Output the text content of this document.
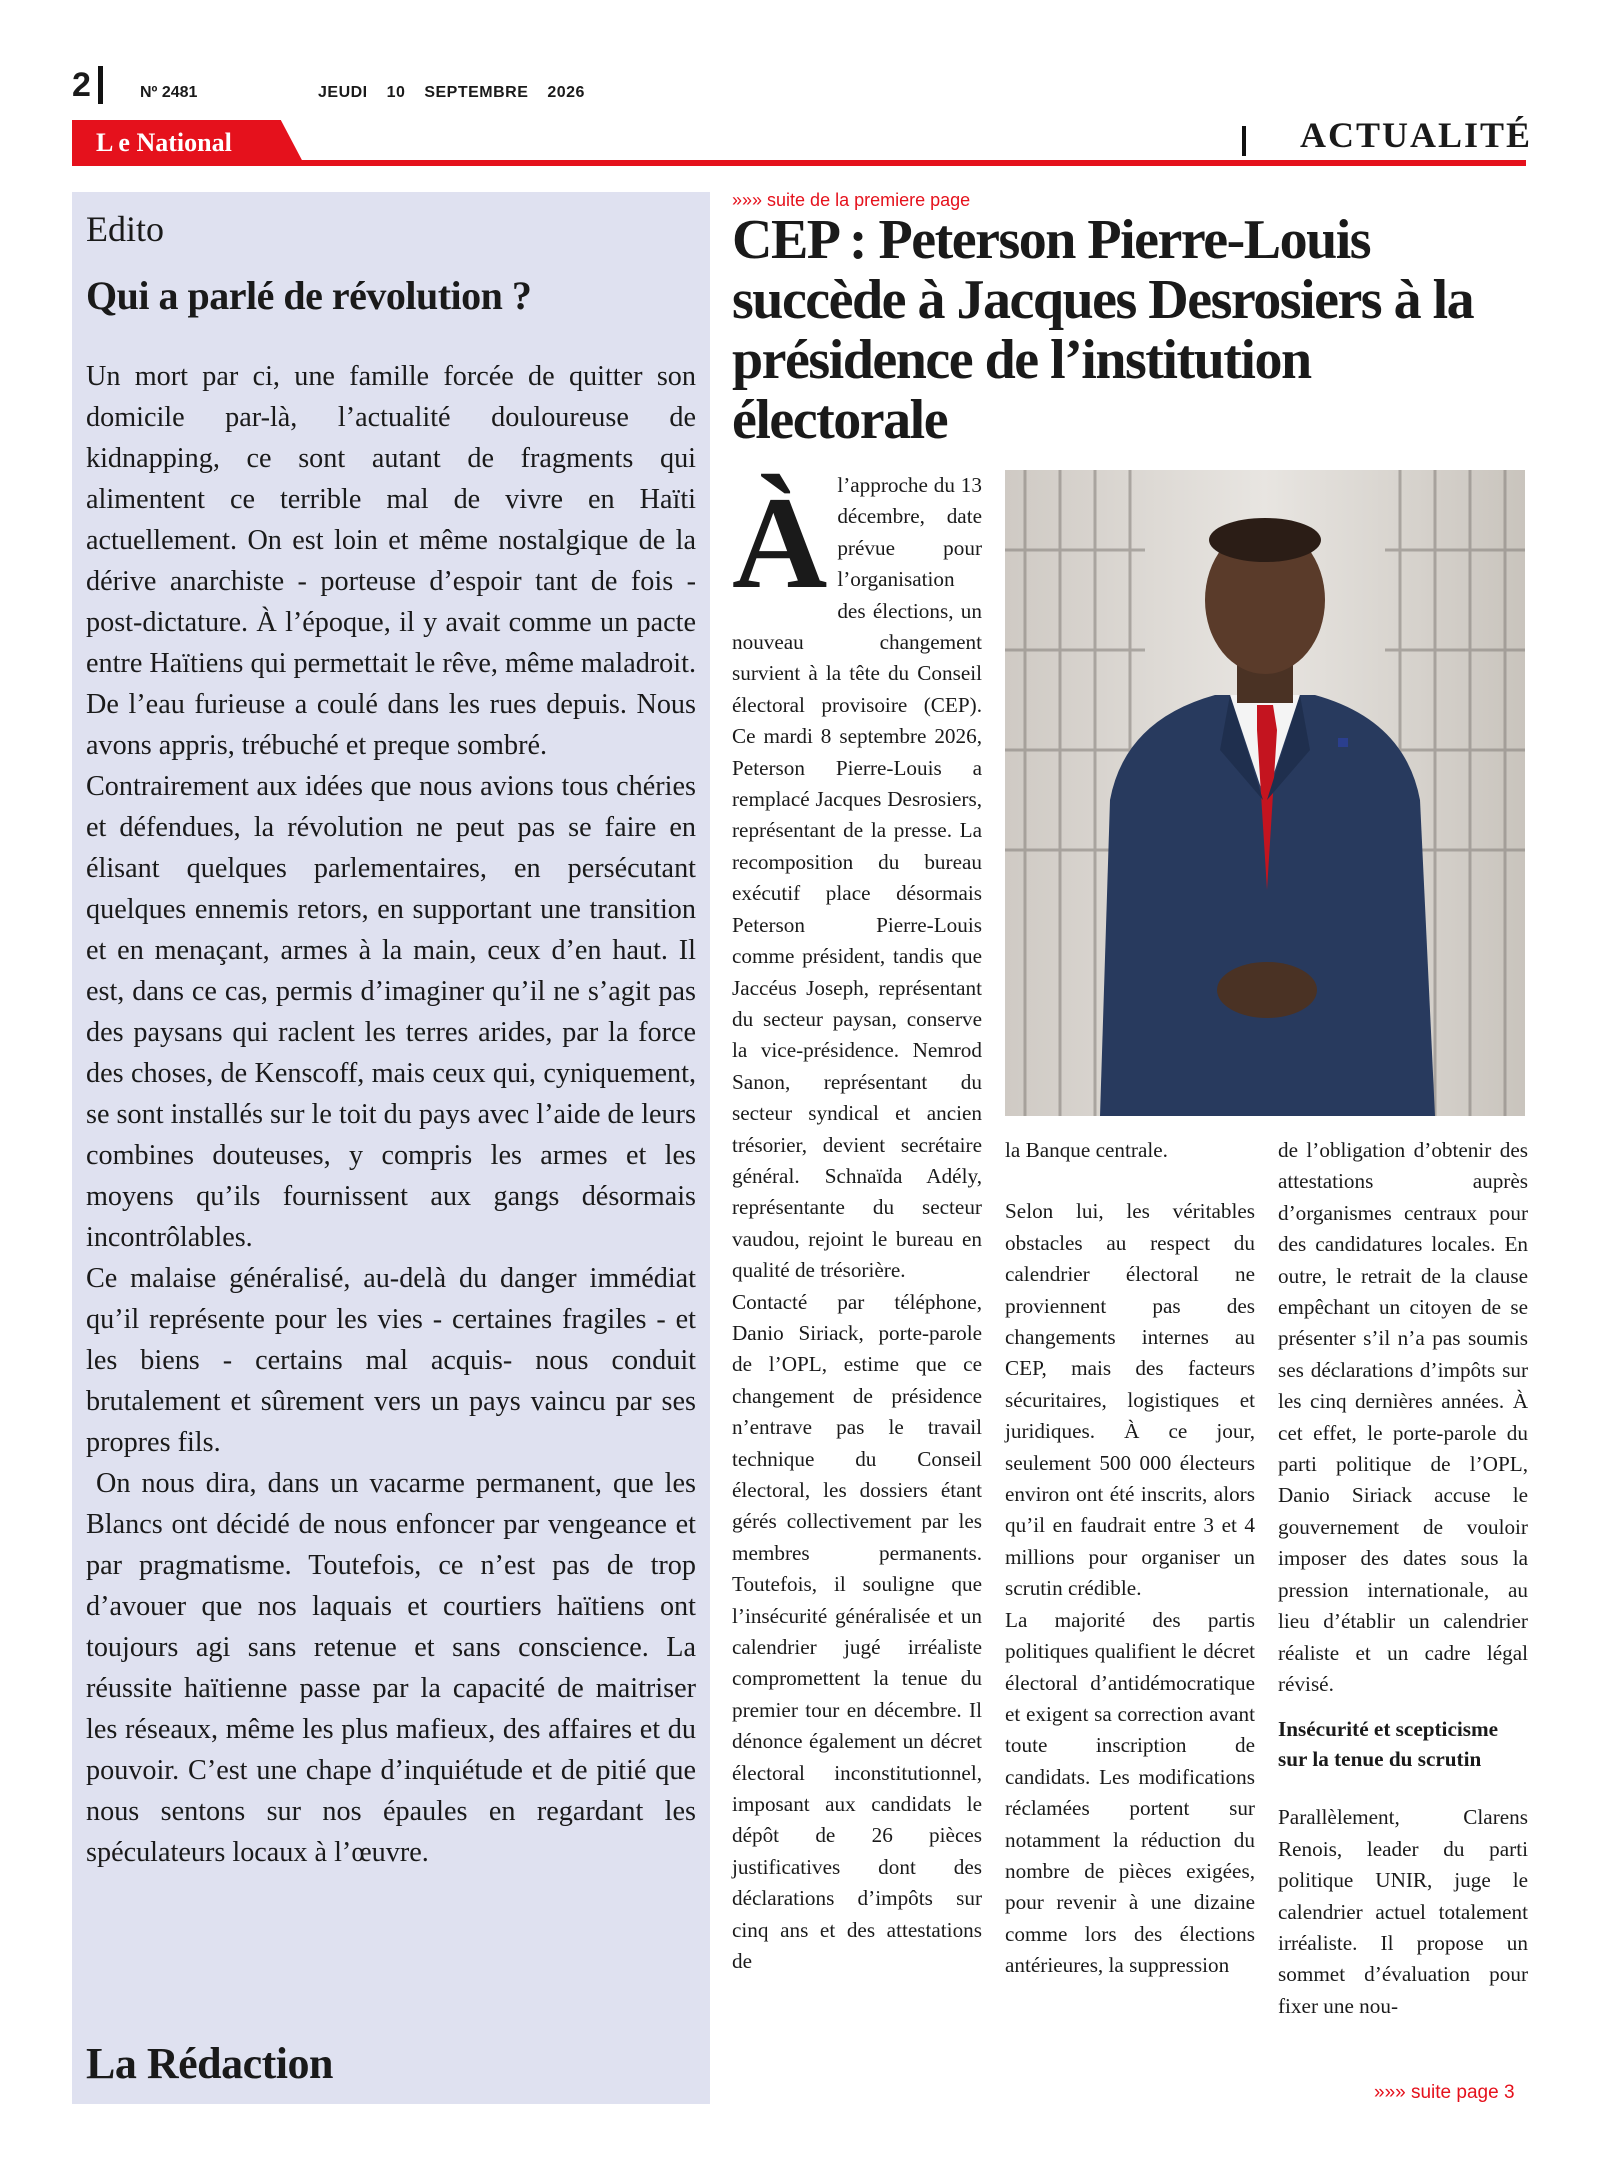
2	Nº 2481	JEUDI 10 SEPTEMBRE 2026
L e National	ACTUALITÉ
Edito
Qui a parlé de révolution ?

Un mort par ci, une famille forcée de quitter son domicile par-là, l’actualité douloureuse de kidnapping, ce sont autant de fragments qui alimentent ce terrible mal de vivre en Haïti actuellement. On est loin et même nostalgique de la dérive anarchiste - porteuse d’espoir tant de fois - post-dictature. À l’époque, il y avait comme un pacte entre Haïtiens qui permettait le rêve, même maladroit. De l’eau furieuse a coulé dans les rues depuis. Nous avons appris, trébuché et preque sombré.

Contrairement aux idées que nous avions tous chéries et défendues, la révolution ne peut pas se faire en élisant quelques parlementaires, en persécutant quelques ennemis retors, en supportant une transition et en menaçant, armes à la main, ceux d’en haut. Il est, dans ce cas, permis d’imaginer qu’il ne s’agit pas des paysans qui raclent les terres arides, par la force des choses, de Kenscoff, mais ceux qui, cyniquement, se sont installés sur le toit du pays avec l’aide de leurs combines douteuses, y compris les armes et les moyens qu’ils fournissent aux gangs désormais incontrôlables.

Ce malaise généralisé, au-delà du danger immédiat qu’il représente pour les vies - certaines fragiles - et les biens - certains mal acquis- nous conduit brutalement et sûrement vers un pays vaincu par ses propres fils.

On nous dira, dans un vacarme permanent, que les Blancs ont décidé de nous enfoncer par vengeance et par pragmatisme. Toutefois, ce n’est pas de trop d’avouer que nos laquais et courtiers haïtiens ont toujours agi sans retenue et sans conscience. La réussite haïtienne passe par la capacité de maitriser les réseaux, même les plus mafieux, des affaires et du pouvoir. C’est une chape d’inquiétude et de pitié que nous sentons sur nos épaules en regardant les spéculateurs locaux à l’œuvre.

La Rédaction
»»» suite de la premiere page
CEP : Peterson Pierre-Louis succède à Jacques Desrosiers à la présidence de l’institution électorale
À l’approche du 13 décembre, date prévue pour l’organisation des élections, un nouveau changement survient à la tête du Conseil électoral provisoire (CEP). Ce mardi 8 septembre 2026, Peterson Pierre-Louis a remplacé Jacques Desrosiers, représentant de la presse. La recomposition du bureau exécutif place désormais Peterson Pierre-Louis comme président, tandis que Jaccéus Joseph, représentant du secteur paysan, conserve la vice-présidence. Nemrod Sanon, représentant du secteur syndical et ancien trésorier, devient secrétaire général. Schnaïda Adély, représentante du secteur vaudou, rejoint le bureau en qualité de trésorière.

Contacté par téléphone, Danio Siriack, porte-parole de l’OPL, estime que ce changement de présidence n’entrave pas le travail technique du Conseil électoral, les dossiers étant gérés collectivement par les membres permanents. Toutefois, il souligne que l’insécurité généralisée et un calendrier jugé irréaliste compromettent la tenue du premier tour en décembre. Il dénonce également un décret électoral inconstitutionnel, imposant aux candidats le dépôt de 26 pièces justificatives dont des déclarations d’impôts sur cinq ans et des attestations de

la Banque centrale.

Selon lui, les véritables obstacles au respect du calendrier électoral ne proviennent pas des changements internes au CEP, mais des facteurs sécuritaires, logistiques et juridiques. À ce jour, seulement 500 000 électeurs environ ont été inscrits, alors qu’il en faudrait entre 3 et 4 millions pour organiser un scrutin crédible.

La majorité des partis politiques qualifient le décret électoral d’antidémocratique et exigent sa correction avant toute inscription de candidats. Les modifications réclamées portent sur notamment la réduction du nombre de pièces exigées, pour revenir à une dizaine comme lors des élections antérieures, la suppression

de l’obligation d’obtenir des attestations auprès d’organismes centraux pour des candidatures locales. En outre, le retrait de la clause empêchant un citoyen de se présenter s’il n’a pas soumis ses déclarations d’impôts sur les cinq dernières années. À cet effet, le porte-parole du parti politique de l’OPL, Danio Siriack accuse le gouvernement de vouloir imposer des dates sous la pression internationale, au lieu d’établir un calendrier réaliste et un cadre légal révisé.

Insécurité et scepticisme sur la tenue du scrutin

Parallèlement, Clarens Renois, leader du parti politique UNIR, juge le calendrier actuel totalement irréaliste. Il propose un sommet d’évaluation pour fixer une nou-

»»» suite page 3
